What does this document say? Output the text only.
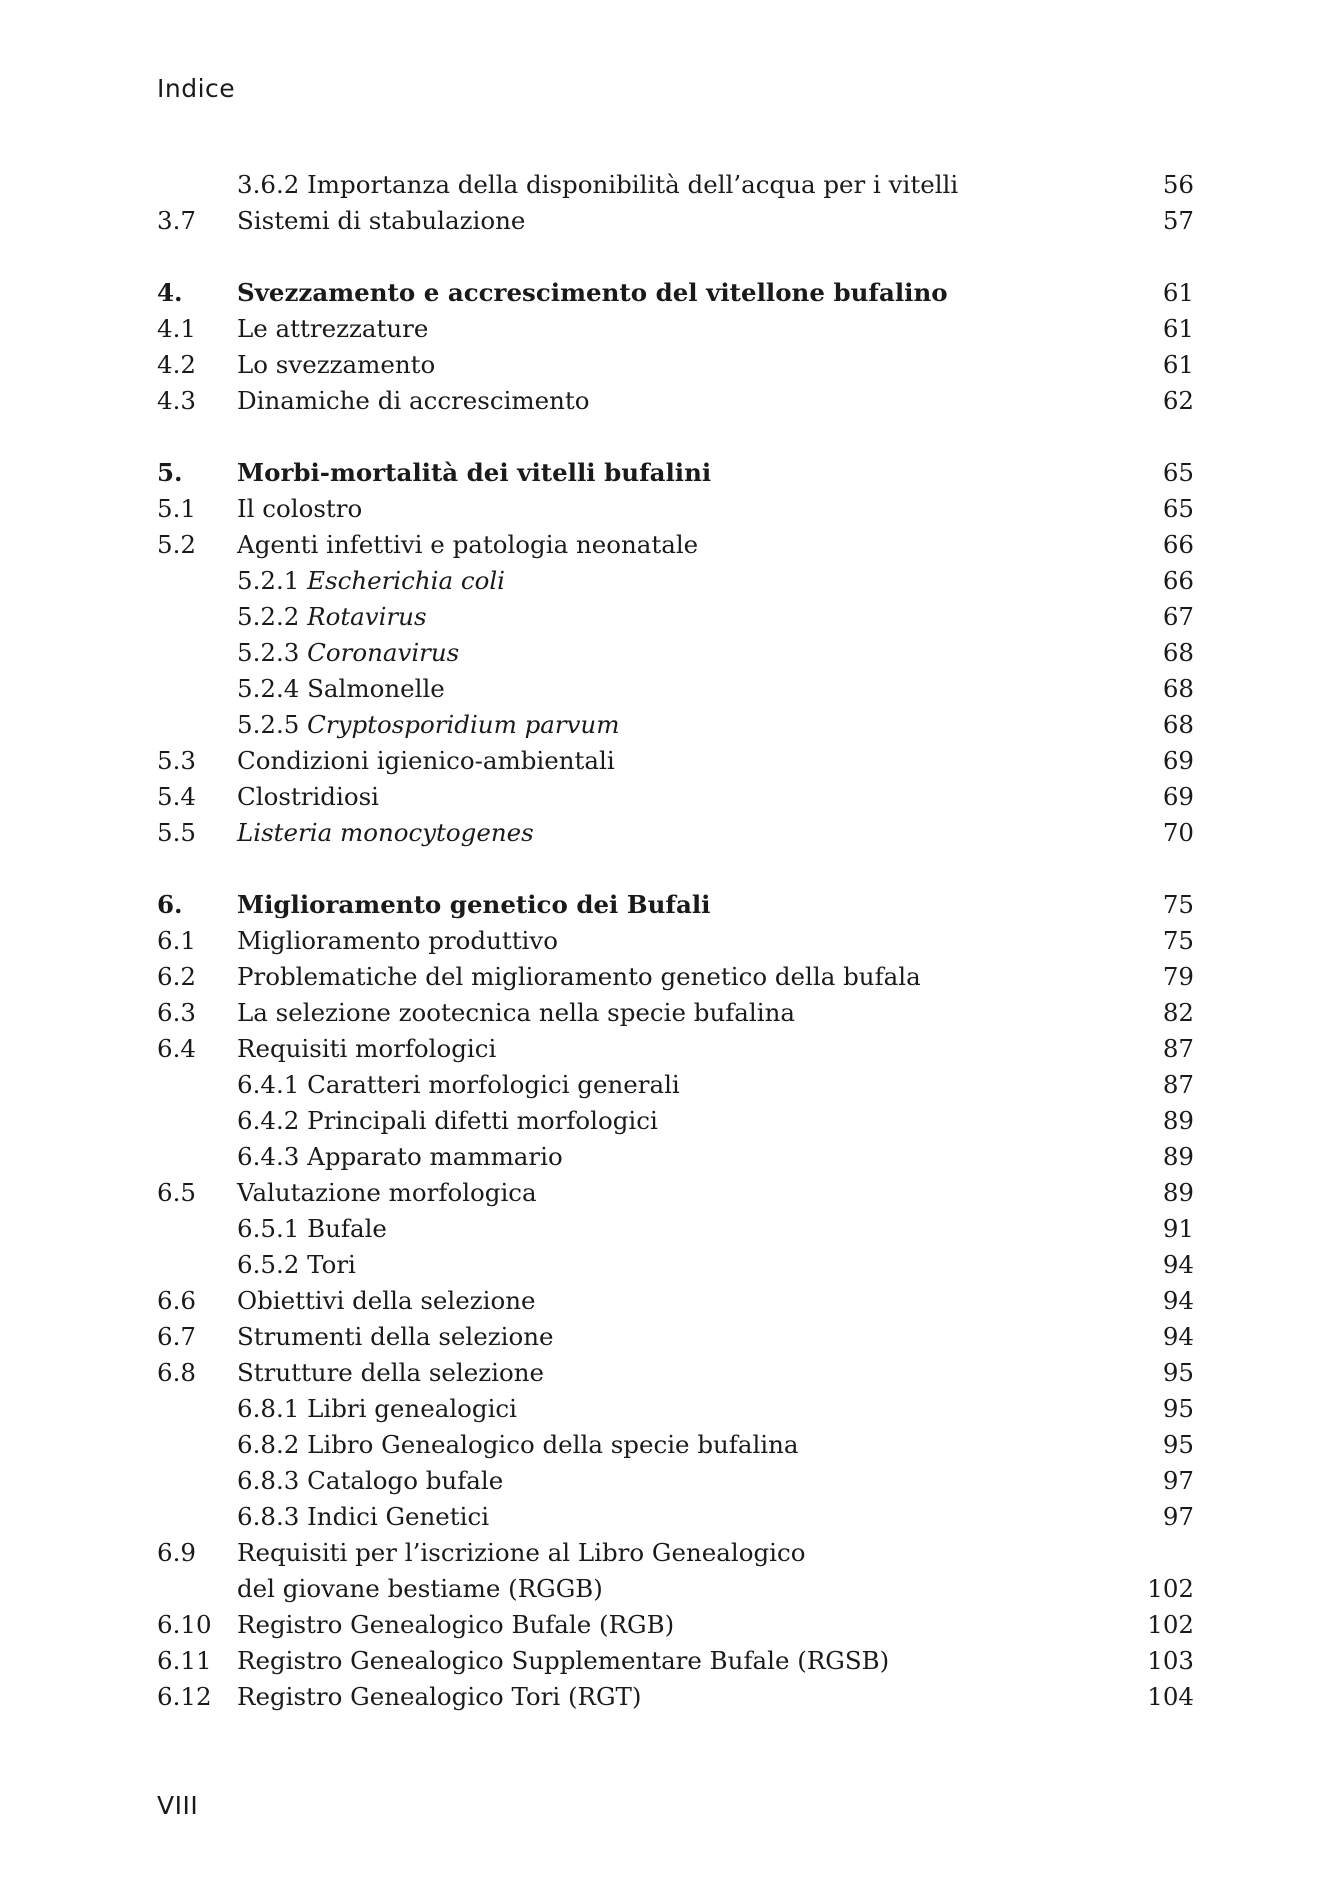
Indice
3.6.2 Importanza della disponibilità dell’acqua per i vitelli	56
3.7	Sistemi di stabulazione	57
4.	Svezzamento e accrescimento del vitellone bufalino	61
4.1	Le attrezzature	61
4.2	Lo svezzamento	61
4.3	Dinamiche di accrescimento	62
5.	Morbi-mortalità dei vitelli bufalini	65
5.1	Il colostro	65
5.2	Agenti infettivi e patologia neonatale	66
5.2.1 Escherichia coli	66
5.2.2 Rotavirus	67
5.2.3 Coronavirus	68
5.2.4 Salmonelle	68
5.2.5 Cryptosporidium parvum	68
5.3	Condizioni igienico-ambientali	69
5.4	Clostridiosi	69
5.5	Listeria monocytogenes	70
6.	Miglioramento genetico dei Bufali	75
6.1	Miglioramento produttivo	75
6.2	Problematiche del miglioramento genetico della bufala	79
6.3	La selezione zootecnica nella specie bufalina	82
6.4	Requisiti morfologici	87
6.4.1 Caratteri morfologici generali	87
6.4.2 Principali difetti morfologici	89
6.4.3 Apparato mammario	89
6.5	Valutazione morfologica	89
6.5.1 Bufale	91
6.5.2 Tori	94
6.6	Obiettivi della selezione	94
6.7	Strumenti della selezione	94
6.8	Strutture della selezione	95
6.8.1 Libri genealogici	95
6.8.2 Libro Genealogico della specie bufalina	95
6.8.3 Catalogo bufale	97
6.8.3 Indici Genetici	97
6.9	Requisiti per l’iscrizione al Libro Genealogico
del giovane bestiame (RGGB)	102
6.10	Registro Genealogico Bufale (RGB)	102
6.11	Registro Genealogico Supplementare Bufale (RGSB)	103
6.12	Registro Genealogico Tori (RGT)	104
VIII
